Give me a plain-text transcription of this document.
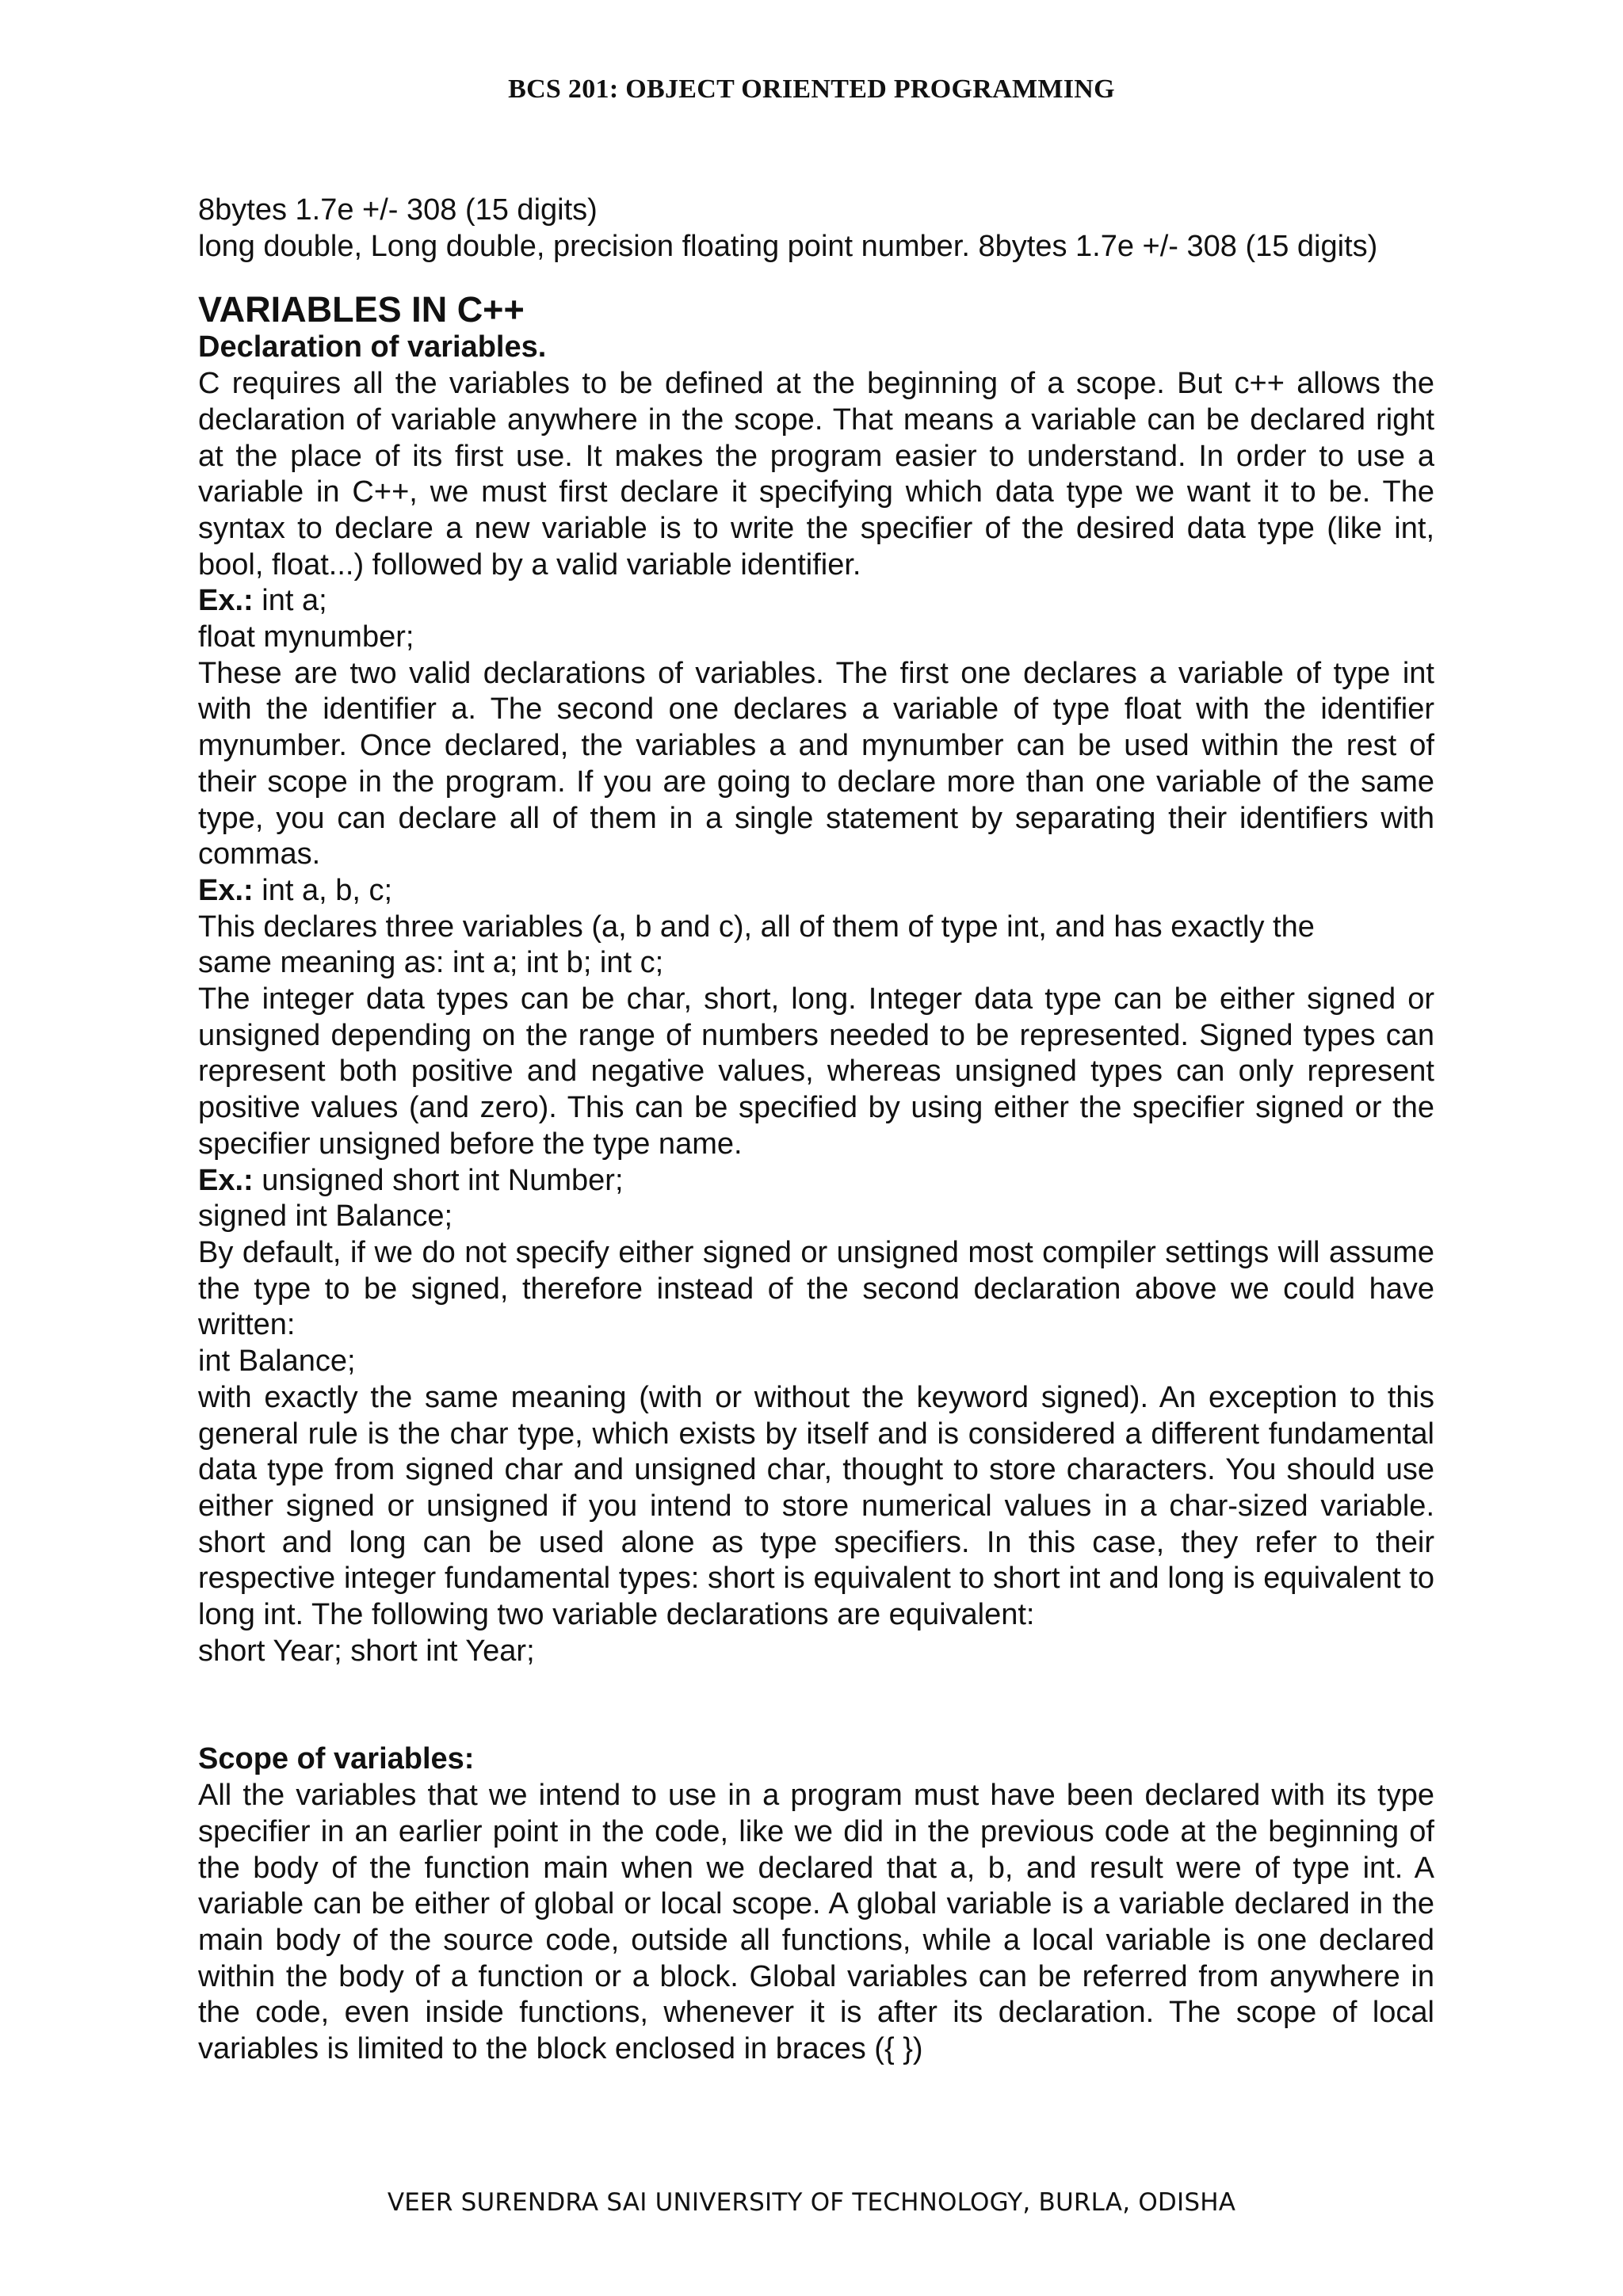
BCS 201: OBJECT ORIENTED PROGRAMMING

8bytes 1.7e +/- 308 (15 digits)

long double, Long double, precision floating point number. 8bytes 1.7e +/- 308 (15 digits)

VARIABLES IN C++

Declaration of variables.

C requires all the variables to be defined at the beginning of a scope. But c++ allows the declaration of variable anywhere in the scope. That means a variable can be declared right at the place of its first use. It makes the program easier to understand. In order to use a variable in C++, we must first declare it specifying which data type we want it to be. The syntax to declare a new variable is to write the specifier of the desired data type (like int, bool, float...) followed by a valid variable identifier.

Ex.: int a;

float mynumber;

These are two valid declarations of variables. The first one declares a variable of type int with the identifier a. The second one declares a variable of type float with the identifier mynumber. Once declared, the variables a and mynumber can be used within the rest of their scope in the program. If you are going to declare more than one variable of the same type, you can declare all of them in a single statement by separating their identifiers with commas.

Ex.: int a, b, c;

This declares three variables (a, b and c), all of them of type int, and has exactly the

same meaning as: int a; int b; int c;

The integer data types can be char, short, long. Integer data type can be either signed or unsigned depending on the range of numbers needed to be represented. Signed types can represent both positive and negative values, whereas unsigned types can only represent positive values (and zero). This can be specified by using either the specifier signed or the specifier unsigned before the type name.

Ex.: unsigned short int Number;

signed int Balance;

By default, if we do not specify either signed or unsigned most compiler settings will assume the type to be signed, therefore instead of the second declaration above we could have written:

int Balance;

with exactly the same meaning (with or without the keyword signed). An exception to this general rule is the char type, which exists by itself and is considered a different fundamental data type from signed char and unsigned char, thought to store characters. You should use either signed or unsigned if you intend to store numerical values in a char-sized variable. short and long can be used alone as type specifiers. In this case, they refer to their respective integer fundamental types: short is equivalent to short int and long is equivalent to long int. The following two variable declarations are equivalent:

short Year; short int Year;

Scope of variables:

All the variables that we intend to use in a program must have been declared with its type specifier in an earlier point in the code, like we did in the previous code at the beginning of the body of the function main when we declared that a, b, and result were of type int. A variable can be either of global or local scope. A global variable is a variable declared in the main body of the source code, outside all functions, while a local variable is one declared within the body of a function or a block. Global variables can be referred from anywhere in the code, even inside functions, whenever it is after its declaration. The scope of local variables is limited to the block enclosed in braces ({ })

VEER SURENDRA SAI UNIVERSITY OF TECHNOLOGY, BURLA, ODISHA
